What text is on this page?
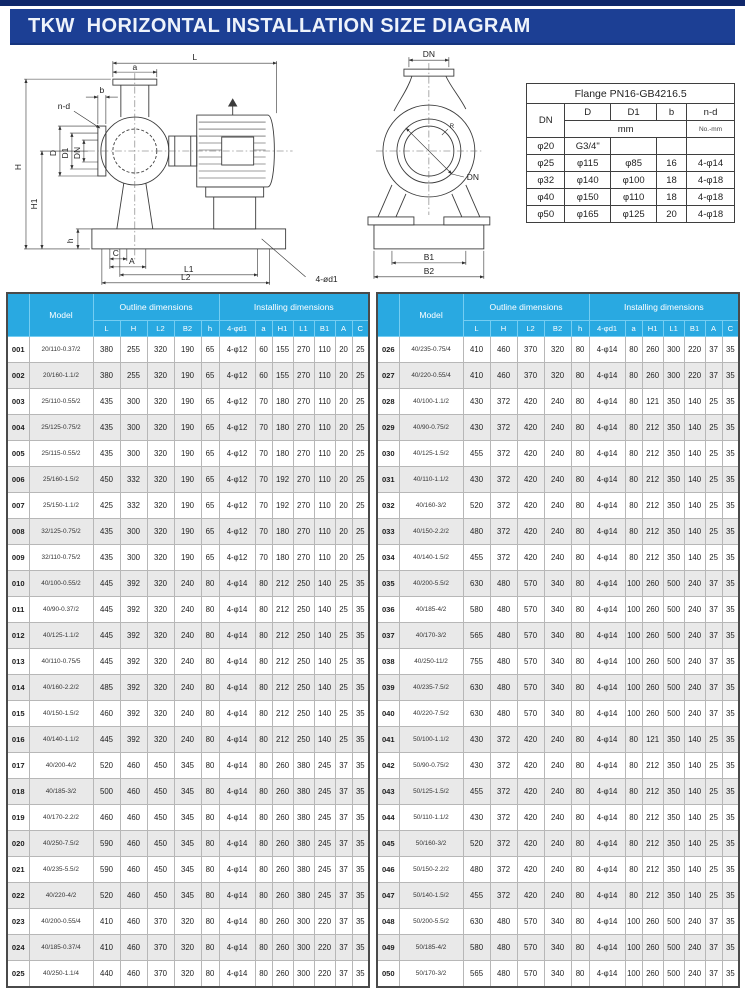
TKW  HORIZONTAL INSTALLATION SIZE DIAGRAM
L
a
b
n-d
H
H1
D D1 DN
h
C
A
L1
L2	4-ød1
DN
DN
R
B1
B2
Flange PN16-GB4216.5				
DN	D	D1	b	n-d
	mm			No.-mm
φ20	G3/4"			
φ25	φ115	φ85	16	4-φ14
φ32	φ140	φ100	18	4-φ18
φ40	φ150	φ110	18	4-φ18
φ50	φ165	φ125	20	4-φ18
	Model	Outline dimensions					Installing dimensions						
		L	H	L2	B2	h	4-φd1	a	H1	L1	B1	A	C
001	20/110-0.37/2	380	255	320	190	65	4-φ12	60	155	270	110	20	25
002	20/160-1.1/2	380	255	320	190	65	4-φ12	60	155	270	110	20	25
003	25/110-0.55/2	435	300	320	190	65	4-φ12	70	180	270	110	20	25
004	25/125-0.75/2	435	300	320	190	65	4-φ12	70	180	270	110	20	25
005	25/115-0.55/2	435	300	320	190	65	4-φ12	70	180	270	110	20	25
006	25/160-1.5/2	450	332	320	190	65	4-φ12	70	192	270	110	20	25
007	25/150-1.1/2	425	332	320	190	65	4-φ12	70	192	270	110	20	25
008	32/125-0.75/2	435	300	320	190	65	4-φ12	70	180	270	110	20	25
009	32/110-0.75/2	435	300	320	190	65	4-φ12	70	180	270	110	20	25
010	40/100-0.55/2	445	392	320	240	80	4-φ14	80	212	250	140	25	35
011	40/90-0.37/2	445	392	320	240	80	4-φ14	80	212	250	140	25	35
012	40/125-1.1/2	445	392	320	240	80	4-φ14	80	212	250	140	25	35
013	40/110-0.75/5	445	392	320	240	80	4-φ14	80	212	250	140	25	35
014	40/160-2.2/2	485	392	320	240	80	4-φ14	80	212	250	140	25	35
015	40/150-1.5/2	460	392	320	240	80	4-φ14	80	212	250	140	25	35
016	40/140-1.1/2	445	392	320	240	80	4-φ14	80	212	250	140	25	35
017	40/200-4/2	520	460	450	345	80	4-φ14	80	260	380	245	37	35
018	40/185-3/2	500	460	450	345	80	4-φ14	80	260	380	245	37	35
019	40/170-2.2/2	460	460	450	345	80	4-φ14	80	260	380	245	37	35
020	40/250-7.5/2	590	460	450	345	80	4-φ14	80	260	380	245	37	35
021	40/235-5.5/2	590	460	450	345	80	4-φ14	80	260	380	245	37	35
022	40/220-4/2	520	460	450	345	80	4-φ14	80	260	380	245	37	35
023	40/200-0.55/4	410	460	370	320	80	4-φ14	80	260	300	220	37	35
024	40/185-0.37/4	410	460	370	320	80	4-φ14	80	260	300	220	37	35
025	40/250-1.1/4	440	460	370	320	80	4-φ14	80	260	300	220	37	35
	Model	Outline dimensions					Installing dimensions						
		L	H	L2	B2	h	4-φd1	a	H1	L1	B1	A	C
026	40/235-0.75/4	410	460	370	320	80	4-φ14	80	260	300	220	37	35
027	40/220-0.55/4	410	460	370	320	80	4-φ14	80	260	300	220	37	35
028	40/100-1.1/2	430	372	420	240	80	4-φ14	80	121	350	140	25	35
029	40/90-0.75/2	430	372	420	240	80	4-φ14	80	212	350	140	25	35
030	40/125-1.5/2	455	372	420	240	80	4-φ14	80	212	350	140	25	35
031	40/110-1.1/2	430	372	420	240	80	4-φ14	80	212	350	140	25	35
032	40/160-3/2	520	372	420	240	80	4-φ14	80	212	350	140	25	35
033	40/150-2.2/2	480	372	420	240	80	4-φ14	80	212	350	140	25	35
034	40/140-1.5/2	455	372	420	240	80	4-φ14	80	212	350	140	25	35
035	40/200-5.5/2	630	480	570	340	80	4-φ14	100	260	500	240	37	35
036	40/185-4/2	580	480	570	340	80	4-φ14	100	260	500	240	37	35
037	40/170-3/2	565	480	570	340	80	4-φ14	100	260	500	240	37	35
038	40/250-11/2	755	480	570	340	80	4-φ14	100	260	500	240	37	35
039	40/235-7.5/2	630	480	570	340	80	4-φ14	100	260	500	240	37	35
040	40/220-7.5/2	630	480	570	340	80	4-φ14	100	260	500	240	37	35
041	50/100-1.1/2	430	372	420	240	80	4-φ14	80	121	350	140	25	35
042	50/90-0.75/2	430	372	420	240	80	4-φ14	80	212	350	140	25	35
043	50/125-1.5/2	455	372	420	240	80	4-φ14	80	212	350	140	25	35
044	50/110-1.1/2	430	372	420	240	80	4-φ14	80	212	350	140	25	35
045	50/160-3/2	520	372	420	240	80	4-φ14	80	212	350	140	25	35
046	50/150-2.2/2	480	372	420	240	80	4-φ14	80	212	350	140	25	35
047	50/140-1.5/2	455	372	420	240	80	4-φ14	80	212	350	140	25	35
048	50/200-5.5/2	630	480	570	340	80	4-φ14	100	260	500	240	37	35
049	50/185-4/2	580	480	570	340	80	4-φ14	100	260	500	240	37	35
050	50/170-3/2	565	480	570	340	80	4-φ14	100	260	500	240	37	35
